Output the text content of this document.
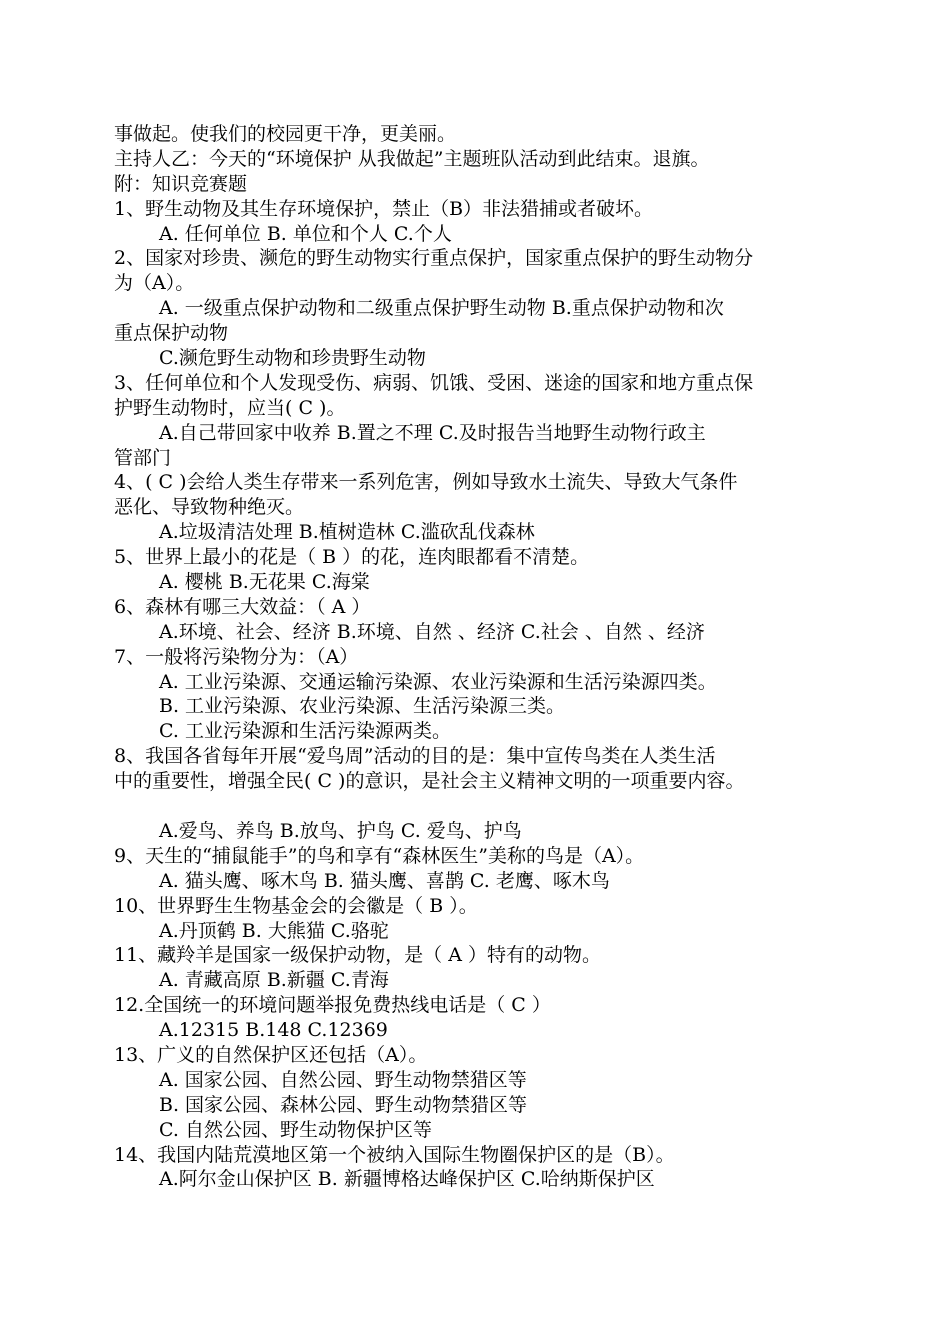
事做起。使我们的校园更干净，更美丽。
主持人乙：今天的“环境保护 从我做起”主题班队活动到此结束。退旗。
附：知识竞赛题
1、野生动物及其生存环境保护，禁止（B）非法猎捕或者破坏。
A. 任何单位 B. 单位和个人 C.个人
2、国家对珍贵、濒危的野生动物实行重点保护，国家重点保护的野生动物分
为（A）。
A. 一级重点保护动物和二级重点保护野生动物 B.重点保护动物和次
重点保护动物
C.濒危野生动物和珍贵野生动物
3、任何单位和个人发现受伤、病弱、饥饿、受困、迷途的国家和地方重点保
护野生动物时，应当( C )。
A.自己带回家中收养 B.置之不理 C.及时报告当地野生动物行政主
管部门
4、( C )会给人类生存带来一系列危害，例如导致水土流失、导致大气条件
恶化、导致物种绝灭。
A.垃圾清洁处理 B.植树造林 C.滥砍乱伐森林
5、世界上最小的花是（ B ）的花，连肉眼都看不清楚。
A. 樱桃 B.无花果 C.海棠
6、森林有哪三大效益：（ A ）
A.环境、社会、经济 B.环境、自然 、经济 C.社会 、自然 、经济
7、一般将污染物分为：（A）
A. 工业污染源、交通运输污染源、农业污染源和生活污染源四类。
B. 工业污染源、农业污染源、生活污染源三类。
C. 工业污染源和生活污染源两类。
8、我国各省每年开展“爱鸟周”活动的目的是：集中宣传鸟类在人类生活
中的重要性，增强全民( C )的意识，是社会主义精神文明的一项重要内容。
A.爱鸟、养鸟 B.放鸟、护鸟 C. 爱鸟、护鸟
9、天生的“捕鼠能手”的鸟和享有“森林医生”美称的鸟是（A）。
A. 猫头鹰、啄木鸟 B. 猫头鹰、喜鹊 C. 老鹰、啄木鸟
10、世界野生生物基金会的会徽是（ B ）。
A.丹顶鹤 B. 大熊猫 C.骆驼
11、藏羚羊是国家一级保护动物，是（ A ）特有的动物。
A. 青藏高原 B.新疆 C.青海
12.全国统一的环境问题举报免费热线电话是（ C ）
A.12315 B.148 C.12369
13、广义的自然保护区还包括（A）。
A. 国家公园、自然公园、野生动物禁猎区等
B. 国家公园、森林公园、野生动物禁猎区等
C. 自然公园、野生动物保护区等
14、我国内陆荒漠地区第一个被纳入国际生物圈保护区的是（B）。
A.阿尔金山保护区 B. 新疆博格达峰保护区 C.哈纳斯保护区
